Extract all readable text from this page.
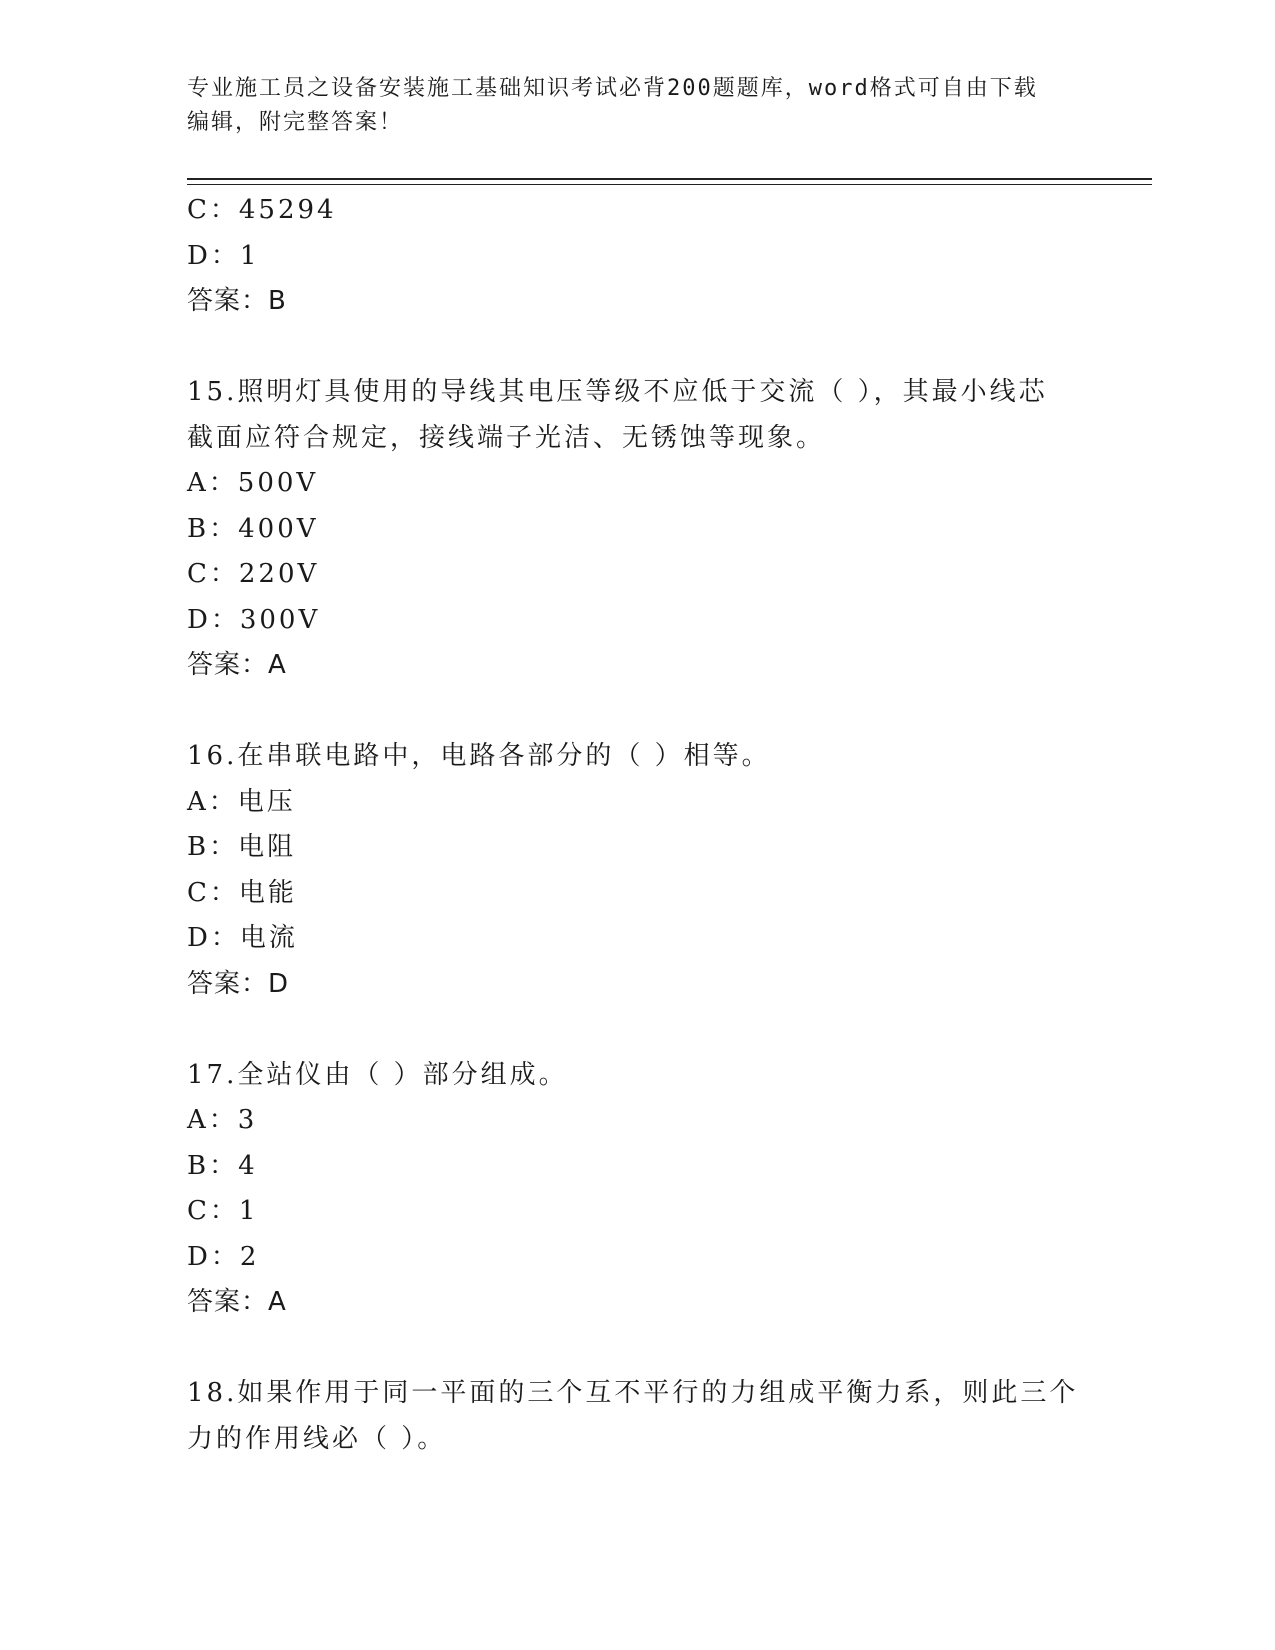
专业施工员之设备安装施工基础知识考试必背200题题库，word格式可自由下载
编辑，附完整答案！
C：45294
D：1
答案：B
15.照明灯具使用的导线其电压等级不应低于交流（ ），其最小线芯
截面应符合规定，接线端子光洁、无锈蚀等现象。
A：500V
B：400V
C：220V
D：300V
答案：A
16.在串联电路中，电路各部分的（ ）相等。
A：电压
B：电阻
C：电能
D：电流
答案：D
17.全站仪由（ ）部分组成。
A：3
B：4
C：1
D：2
答案：A
18.如果作用于同一平面的三个互不平行的力组成平衡力系，则此三个
力的作用线必（ ）。
